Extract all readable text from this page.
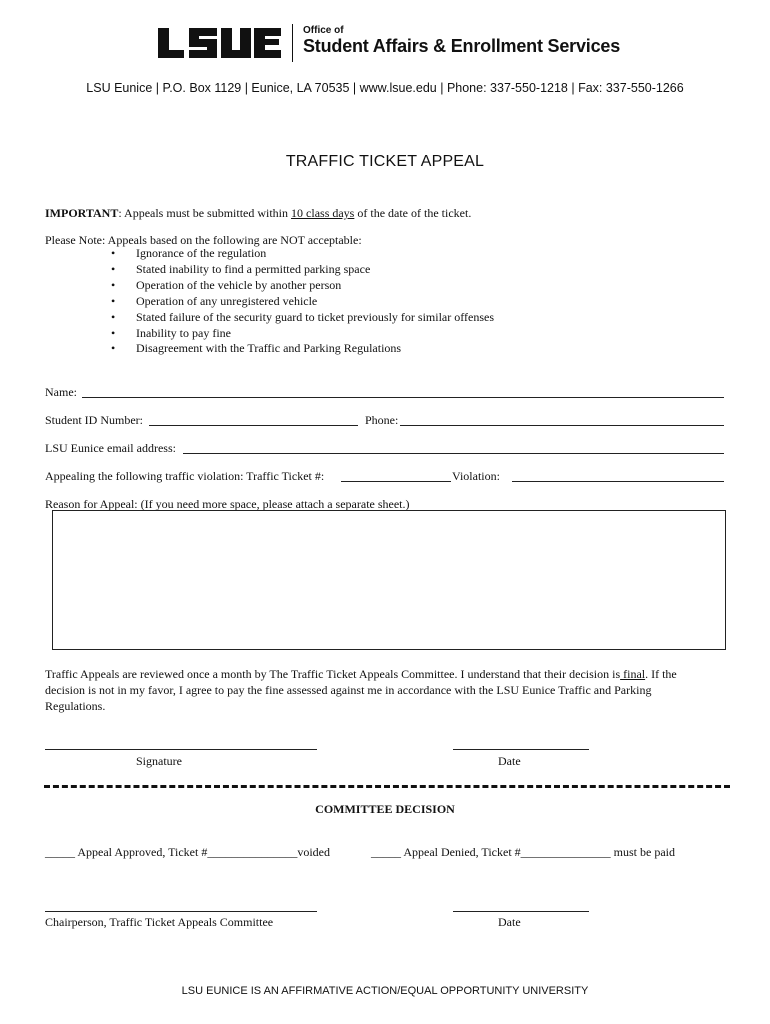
Office of
Student Affairs & Enrollment Services
LSU Eunice | P.O. Box 1129 | Eunice, LA 70535 | www.lsue.edu | Phone: 337-550-1218 | Fax: 337-550-1266
TRAFFIC TICKET APPEAL
IMPORTANT: Appeals must be submitted within 10 class days of the date of the ticket.
Please Note: Appeals based on the following are NOT acceptable:
• Ignorance of the regulation
• Stated inability to find a permitted parking space
• Operation of the vehicle by another person
• Operation of any unregistered vehicle
• Stated failure of the security guard to ticket previously for similar offenses
• Inability to pay fine
• Disagreement with the Traffic and Parking Regulations
Name:
Student ID Number:	Phone:
LSU Eunice email address:
Appealing the following traffic violation: Traffic Ticket #:	Violation:
Reason for Appeal: (If you need more space, please attach a separate sheet.)
Traffic Appeals are reviewed once a month by The Traffic Ticket Appeals Committee. I understand that their decision is final. If the
decision is not in my favor, I agree to pay the fine assessed against me in accordance with the LSU Eunice Traffic and Parking
Regulations.
Signature	Date
COMMITTEE DECISION
_____ Appeal Approved, Ticket #_______________voided	_____ Appeal Denied, Ticket #_______________ must be paid
Chairperson, Traffic Ticket Appeals Committee	Date
LSU EUNICE IS AN AFFIRMATIVE ACTION/EQUAL OPPORTUNITY UNIVERSITY
